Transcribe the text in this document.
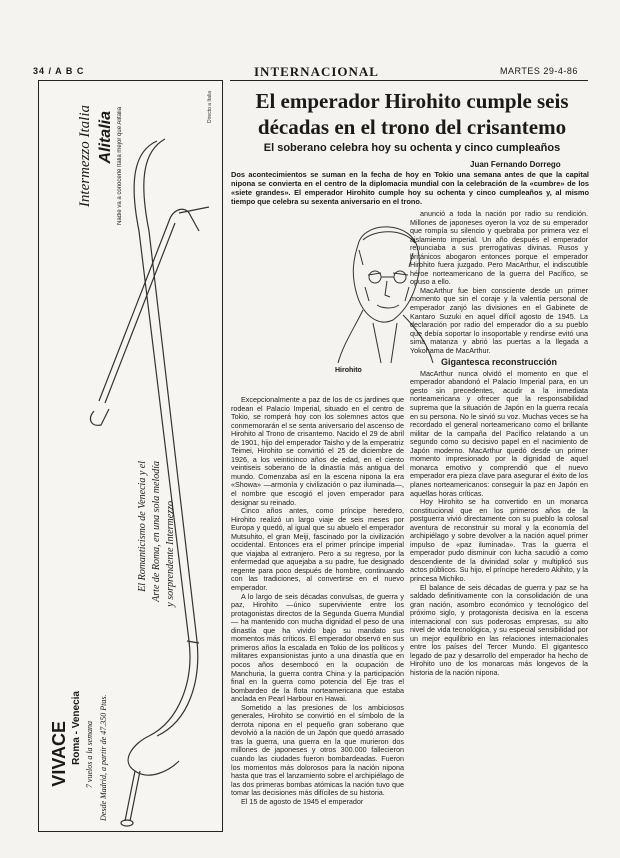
34 / A B C	INTERNACIONAL	MARTES 29-4-86
Intermezzo Italia Alitalia Nadie va a conocerle Italia mejor que Alitalia	Directo a Italia
El Romanticismo de Venecia y el Arte de Roma, en una sola melodía y sorprendente Intermezzo
VIVACE Roma - Venecia 7 vuelos a la semana Desde Madrid, a partir de 47.350 Ptas.
El emperador Hirohito cumple seis
décadas en el trono del crisantemo
El soberano celebra hoy su ochenta y cinco cumpleaños
Juan Fernando Dorrego
Dos acontecimientos se suman en la fecha de hoy en Tokio una semana antes de que la capital nipona se convierta en el centro de la diplomacia mundial con la celebración de la «cumbre» de los «siete grandes». El emperador Hirohito cumple hoy su ochenta y cinco cumpleaños y, al mismo tiempo que celebra su sexenta aniversario en el trono.

Excepcionalmente a paz de los de cs jardines que rodean el Palacio Imperial, situado en el centro de Tokio, se romperá hoy con los solemnes actos que conmemorarán el se senta aniversario del ascenso de Hirohito al Trono de crisantemo. Nacido el 29 de abril de 1901, hijo del emperador Taisho y de la emperatriz Teimei, Hirohito se convirtió el 25 de diciembre de 1926, a los veinticinco años de edad, en el ciento veintiseis soberano de la dinastía más antigua del mundo. Comenzaba así en la escena nipona la era «Showa» —armonía y civilización o paz iluminada—, el nombre que escogió el joven emperador para designar su reinado.

Cinco años antes, como príncipe heredero, Hirohito realizó un largo viaje de seis meses por Europa y quedó, al igual que su abuelo el emperador Mutsuhito, el gran Meiji, fascinado por la civilización occidental. Entonces era el primer príncipe imperial que viajaba al extranjero. Pero a su regreso, por la enfermedad que aquejaba a su padre, fue designado regente para poco después de hombre, continuando con las tradiciones, al convertirse en el nuevo emperador.

A lo largo de seis décadas convulsas, de guerra y paz, Hirohito —único superviviente entre los protagonistas directos de la Segunda Guerra Mundial— ha mantenido con mucha dignidad el peso de una dinastía que ha vivido bajo su mandato sus momentos más críticos. El emperador observó en sus primeros años la escalada en Tokio de los políticos y militares expansionistas junto a una dinastía que en pocos años desembocó en la ocupación de Manchuria, la guerra contra China y la participación final en la guerra como potencia del Eje tras el bombardeo de la flota norteamericana que estaba anclada en Pearl Harbour en Hawai.

Sometido a las presiones de los ambiciosos generales, Hirohito se convirtió en el símbolo de la derrota nipona en el pequeño gran soberano que devolvió a la nación de un Japón que quedó arrasado tras la guerra, una guerra en la que murieron dos millones de japoneses y otros 300.000 fallecieron cuando las ciudades fueron bombardeadas. Fueron los momentos más dolorosos para la nación nipona hasta que tras el lanzamiento sobre el archipiélago de las dos primeras bombas atómicas la nación tuvo que tomar las decisiones más difíciles de su historia.

El 15 de agosto de 1945 el emperador

Hirohito

anunció a toda la nación por radio su rendición. Millones de japoneses oyeron la voz de su emperador que rompía su silencio y quebraba por primera vez el aislamiento imperial. Un año después el emperador renunciaba a sus prerrogativas divinas. Rusos y británicos abogaron entonces porque el emperador Hirohito fuera juzgado. Pero MacArthur, el indiscutible héroe norteamericano de la guerra del Pacífico, se opuso a ello.

MacArthur fue bien consciente desde un primer momento que sin el coraje y la valentía personal de emperador zanjó las divisiones en el Gabinete de Kantaro Suzuki en aquel difícil agosto de 1945. La declaración por radio del emperador dio a su pueblo que debía soportar lo insoportable y rendirse evitó una sima matanza y abrió las puertas a la llegada a Yokohama de MacArthur.

Gigantesca reconstrucción

MacArthur nunca olvidó el momento en que el emperador abandonó el Palacio Imperial para, en un gesto sin precedentes, acudir a la inmediata norteamericana y ofrecer que la responsabilidad suprema que la situación de Japón en la guerra recaía en su persona. No le sirvió su voz. Muchas veces se ha recordado el general norteamericano como el brillante militar de la campaña del Pacífico relatando a un segundo como su decisivo papel en el nacimiento de Japón moderno. MacArthur quedó desde un primer momento impresionado por la dignidad de aquel monarca emotivo y comprendió que el nuevo emperador era pieza clave para asegurar el éxito de los planes norteamericanos: conseguir la paz en Japón en aquellas horas críticas.

Hoy Hirohito se ha convertido en un monarca constitucional que en los primeros años de la postguerra vivió directamente con su pueblo la colosal aventura de reconstruir su moral y la economía del archipiélago y sobre devolver a la nación aquel primer impulso de «paz iluminada». Tras la guerra el emperador pudo disminuir con lucha sacudió a como descendiente de la divinidad solar y multiplicó sus actos públicos. Su hijo, el príncipe heredero Akihito, y la princesa Michiko.

El balance de seis décadas de guerra y paz se ha saldado definitivamente con la consolidación de una gran nación, asombro económico y tecnológico del próximo siglo, y protagonista decisiva en la escena internacional con sus poderosas empresas, su alto nivel de vida tecnológica, y su especial sensibilidad por un mejor equilibrio en las relaciones internacionales entre los países del Tercer Mundo. El gigantesco legado de paz y desarrollo del emperador ha hecho de Hirohito uno de los monarcas más longevos de la historia de la nación nipona.
